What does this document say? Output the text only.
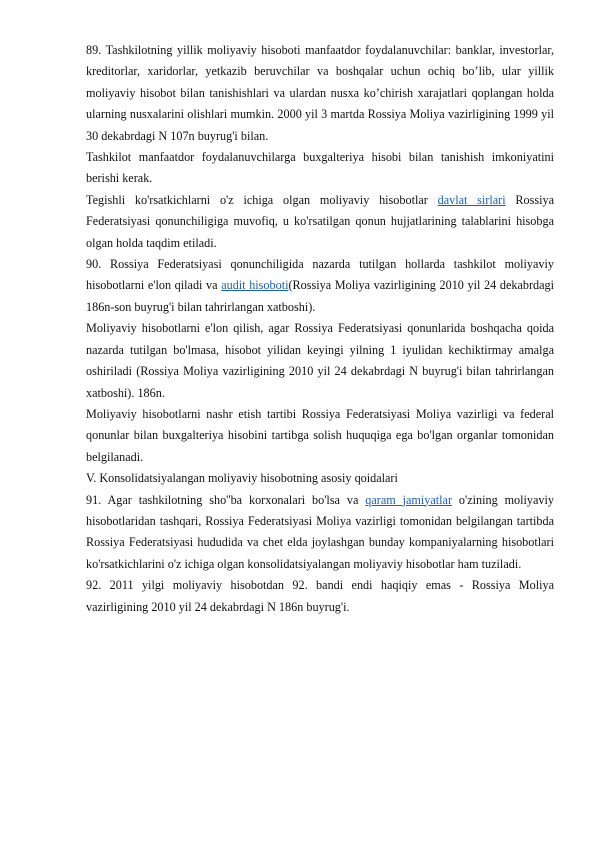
89. Tashkilotning yillik moliyaviy hisoboti manfaatdor foydalanuvchilar: banklar, investorlar, kreditorlar, xaridorlar, yetkazib beruvchilar va boshqalar uchun ochiq bo’lib, ular yillik moliyaviy hisobot bilan tanishishlari va ulardan nusxa ko’chirish xarajatlari qoplangan holda ularning nusxalarini olishlari mumkin. 2000 yil 3 martda Rossiya Moliya vazirligining 1999 yil 30 dekabrdagi N 107n buyrug'i bilan.

Tashkilot manfaatdor foydalanuvchilarga buxgalteriya hisobi bilan tanishish imkoniyatini berishi kerak.

Tegishli ko'rsatkichlarni o'z ichiga olgan moliyaviy hisobotlar davlat sirlari Rossiya Federatsiyasi qonunchiligiga muvofiq, u ko'rsatilgan qonun hujjatlarining talablarini hisobga olgan holda taqdim etiladi.

90. Rossiya Federatsiyasi qonunchiligida nazarda tutilgan hollarda tashkilot moliyaviy hisobotlarni e'lon qiladi va audit hisoboti(Rossiya Moliya vazirligining 2010 yil 24 dekabrdagi 186n-son buyrug'i bilan tahrirlangan xatboshi).

Moliyaviy hisobotlarni e'lon qilish, agar Rossiya Federatsiyasi qonunlarida boshqacha qoida nazarda tutilgan bo'lmasa, hisobot yilidan keyingi yilning 1 iyulidan kechiktirmay amalga oshiriladi (Rossiya Moliya vazirligining 2010 yil 24 dekabrdagi N buyrug'i bilan tahrirlangan xatboshi). 186n.

Moliyaviy hisobotlarni nashr etish tartibi Rossiya Federatsiyasi Moliya vazirligi va federal qonunlar bilan buxgalteriya hisobini tartibga solish huquqiga ega bo'lgan organlar tomonidan belgilanadi.

V. Konsolidatsiyalangan moliyaviy hisobotning asosiy qoidalari

91. Agar tashkilotning sho''ba korxonalari bo'lsa va qaram jamiyatlar o'zining moliyaviy hisobotlaridan tashqari, Rossiya Federatsiyasi Moliya vazirligi tomonidan belgilangan tartibda Rossiya Federatsiyasi hududida va chet elda joylashgan bunday kompaniyalarning hisobotlari ko'rsatkichlarini o'z ichiga olgan konsolidatsiyalangan moliyaviy hisobotlar ham tuziladi.

92. 2011 yilgi moliyaviy hisobotdan 92. bandi endi haqiqiy emas - Rossiya Moliya vazirligining 2010 yil 24 dekabrdagi N 186n buyrug'i.
